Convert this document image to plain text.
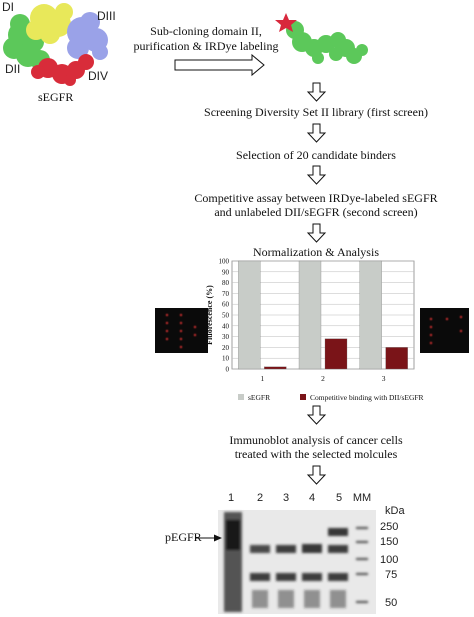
DI
DIII
DII	DIV
sEGFR
Sub-cloning domain II,
purification & IRDye labeling
Screening Diversity Set II library (first screen)
Selection of 20 candidate binders
Competitive assay between IRDye-labeled sEGFR
and unlabeled DII/sEGFR (second screen)
Normalization & Analysis
Immunoblot analysis of cancer cells
treated with the selected molcules
0
10
20
30
40
50
60
70
80
90
100
1	2	3
Fluorescence (%)
sEGFR	Competitive binding with DII/sEGFR
1 2 3 4 5 MM
kDa
250
150
100
75
50
pEGFR
